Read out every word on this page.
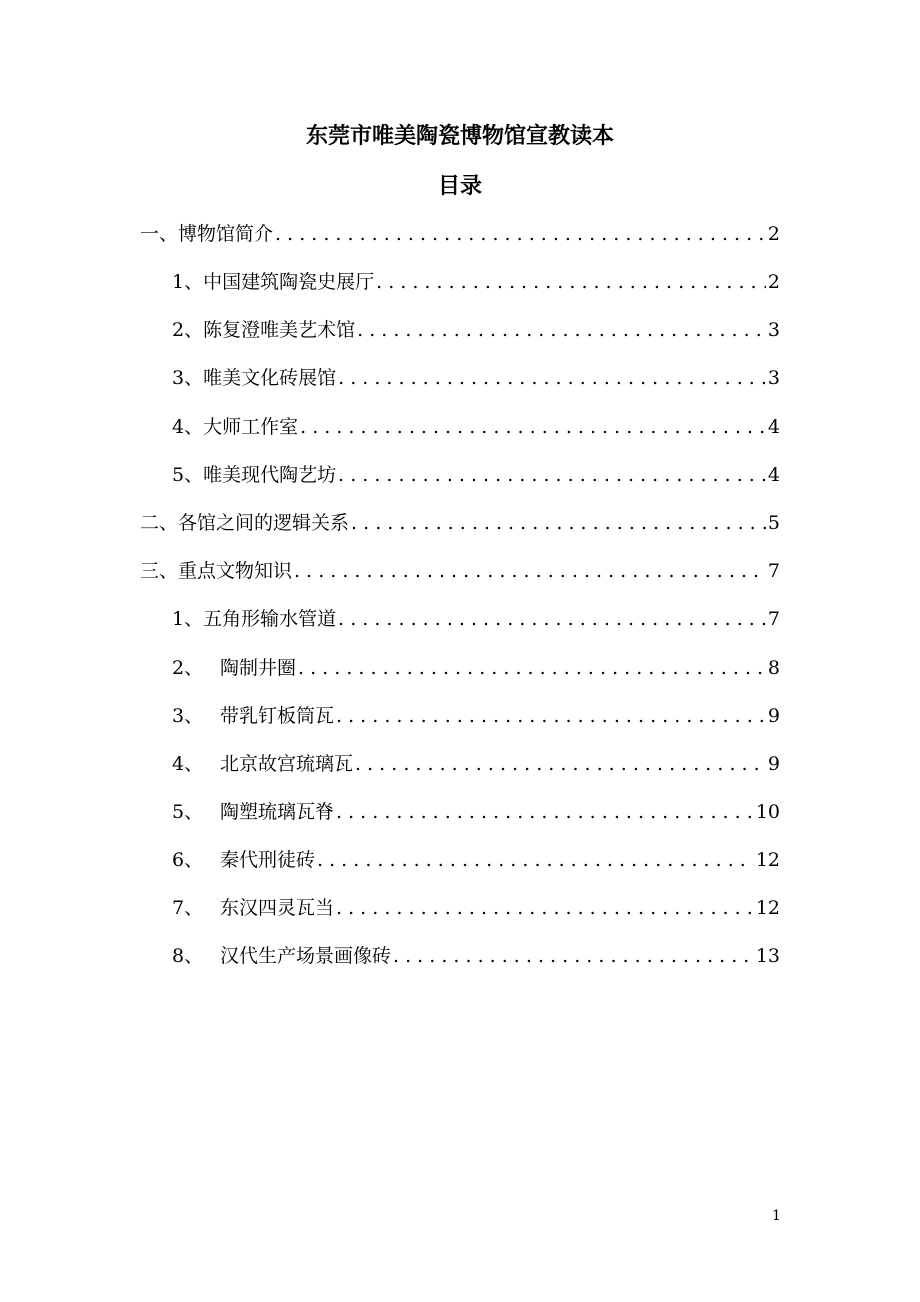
东莞市唯美陶瓷博物馆宣教读本
目录
一、 博物馆简介 . . .	2
1、 中国建筑陶瓷史展厅 . . .	2
2、 陈复澄唯美艺术馆 . . .	3
3、 唯美文化砖展馆 . . .	3
4、 大师工作室 . . .	4
5、 唯美现代陶艺坊 . . .	4
二、 各馆之间的逻辑关系 . . .	5
三、 重点文物知识 . . .	7
1、 五角形输水管道 . . .	7
2、 陶制井圈 . . .	8
3、 带乳钉板筒瓦 . . .	9
4、 北京故宫琉璃瓦 . . .	9
5、 陶塑琉璃瓦脊 . . .	10
6、 秦代刑徒砖 . . .	12
7、 东汉四灵瓦当 . . .	12
8、 汉代生产场景画像砖 . . .	13
1
